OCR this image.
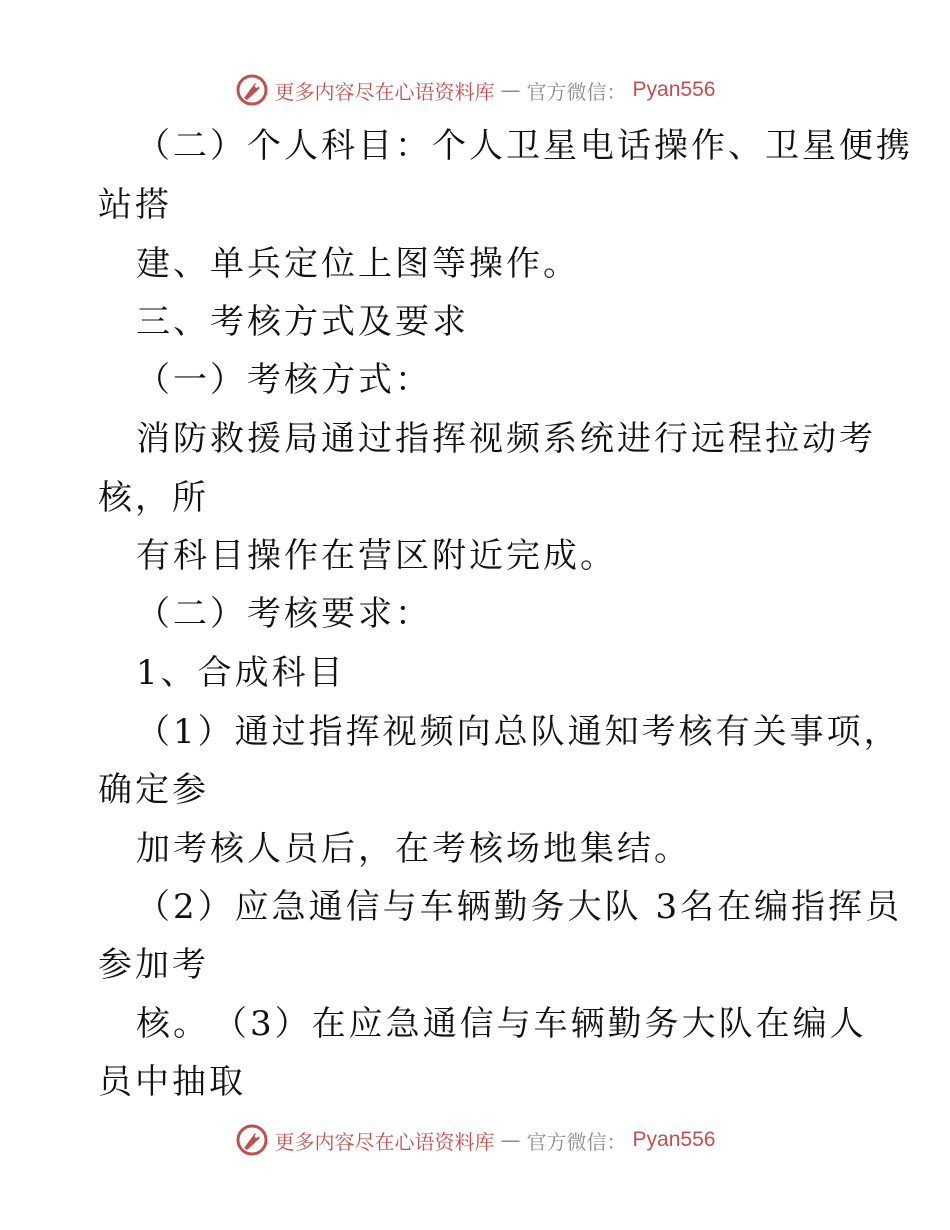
更多内容尽在心语资料库 — 官方微信： Pyan556
（二）个人科目：个人卫星电话操作、卫星便携
站搭
建、单兵定位上图等操作。
三、考核方式及要求
（一）考核方式：
消防救援局通过指挥视频系统进行远程拉动考
核，所
有科目操作在营区附近完成。
（二）考核要求：
1、合成科目
（1）通过指挥视频向总队通知考核有关事项，
确定参
加考核人员后，在考核场地集结。
（2）应急通信与车辆勤务大队 3名在编指挥员
参加考
核。　（3）在应急通信与车辆勤务大队在编人
员中抽取
更多内容尽在心语资料库 — 官方微信： Pyan556
